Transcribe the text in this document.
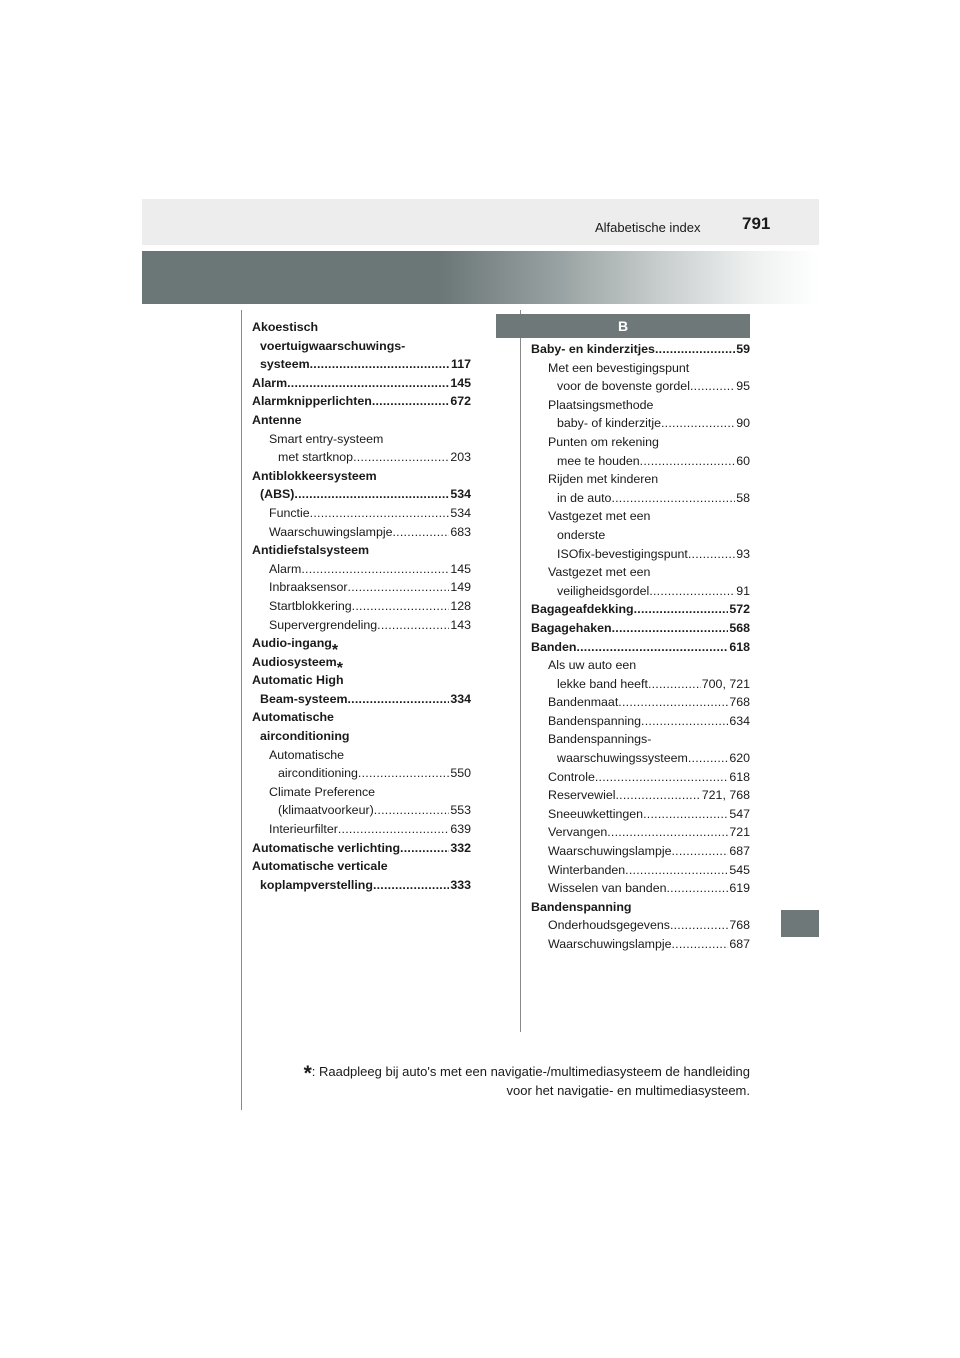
Alfabetische index 791
B
Akoestisch
voertuigwaarschuwings-
systeem . . .	117
Alarm . . .	145
Alarmknipperlichten . . .	672
Antenne
Smart entry-systeem
met startknop . . .	203
Antiblokkeersysteem
(ABS) . . .	534
Functie . . .	534
Waarschuwingslampje . . .	683
Antidiefstalsysteem
Alarm . . .	145
Inbraaksensor . . .	149
Startblokkering . . .	128
Supervergrendeling . . .	143
Audio-ingang*
Audiosysteem*
Automatic High
Beam-systeem . . .	334
Automatische
airconditioning
Automatische
airconditioning . . .	550
Climate Preference
(klimaatvoorkeur) . . .	553
Interieurfilter . . .	639
Automatische verlichting . . .	332
Automatische verticale
koplampverstelling . . .	333
Baby- en kinderzitjes . . .	59
Met een bevestigingspunt
voor de bovenste gordel . . .	95
Plaatsingsmethode
baby- of kinderzitje . . .	90
Punten om rekening
mee te houden . . .	60
Rijden met kinderen
in de auto . . .	58
Vastgezet met een
onderste
ISOfix-bevestigingspunt . . .	93
Vastgezet met een
veiligheidsgordel . . .	91
Bagageafdekking . . .	572
Bagagehaken . . .	568
Banden . . .	618
Als uw auto een
lekke band heeft . . .	700, 721
Bandenmaat . . .	768
Bandenspanning . . .	634
Bandenspannings-
waarschuwingssysteem . . .	620
Controle . . .	618
Reservewiel . . .	721, 768
Sneeuwkettingen . . .	547
Vervangen . . .	721
Waarschuwingslampje . . .	687
Winterbanden . . .	545
Wisselen van banden . . .	619
Bandenspanning
Onderhoudsgegevens . . .	768
Waarschuwingslampje . . .	687
*: Raadpleeg bij auto's met een navigatie-/multimediasysteem de handleiding
voor het navigatie- en multimediasysteem.
